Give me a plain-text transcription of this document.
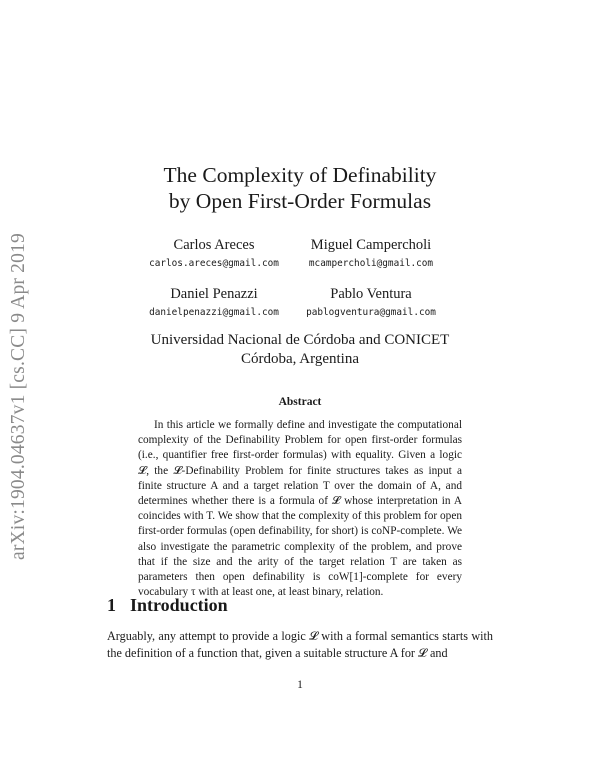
arXiv:1904.04637v1 [cs.CC] 9 Apr 2019
The Complexity of Definability
by Open First-Order Formulas
Carlos Areces
carlos.areces@gmail.com
Miguel Campercholi
mcampercholi@gmail.com
Daniel Penazzi
danielpenazzi@gmail.com
Pablo Ventura
pablogventura@gmail.com
Universidad Nacional de Córdoba and CONICET
Córdoba, Argentina
Abstract
In this article we formally define and investigate the computational complexity of the Definability Problem for open first-order formulas (i.e., quantifier free first-order formulas) with equality. Given a logic 𝓛, the 𝓛-Definability Problem for finite structures takes as input a finite structure A and a target relation T over the domain of A, and determines whether there is a formula of 𝓛 whose interpretation in A coincides with T. We show that the complexity of this problem for open first-order formulas (open definability, for short) is coNP-complete. We also investigate the parametric complexity of the problem, and prove that if the size and the arity of the target relation T are taken as parameters then open definability is coW[1]-complete for every vocabulary τ with at least one, at least binary, relation.
1 Introduction
Arguably, any attempt to provide a logic 𝓛 with a formal semantics starts with the definition of a function that, given a suitable structure A for 𝓛 and
1
